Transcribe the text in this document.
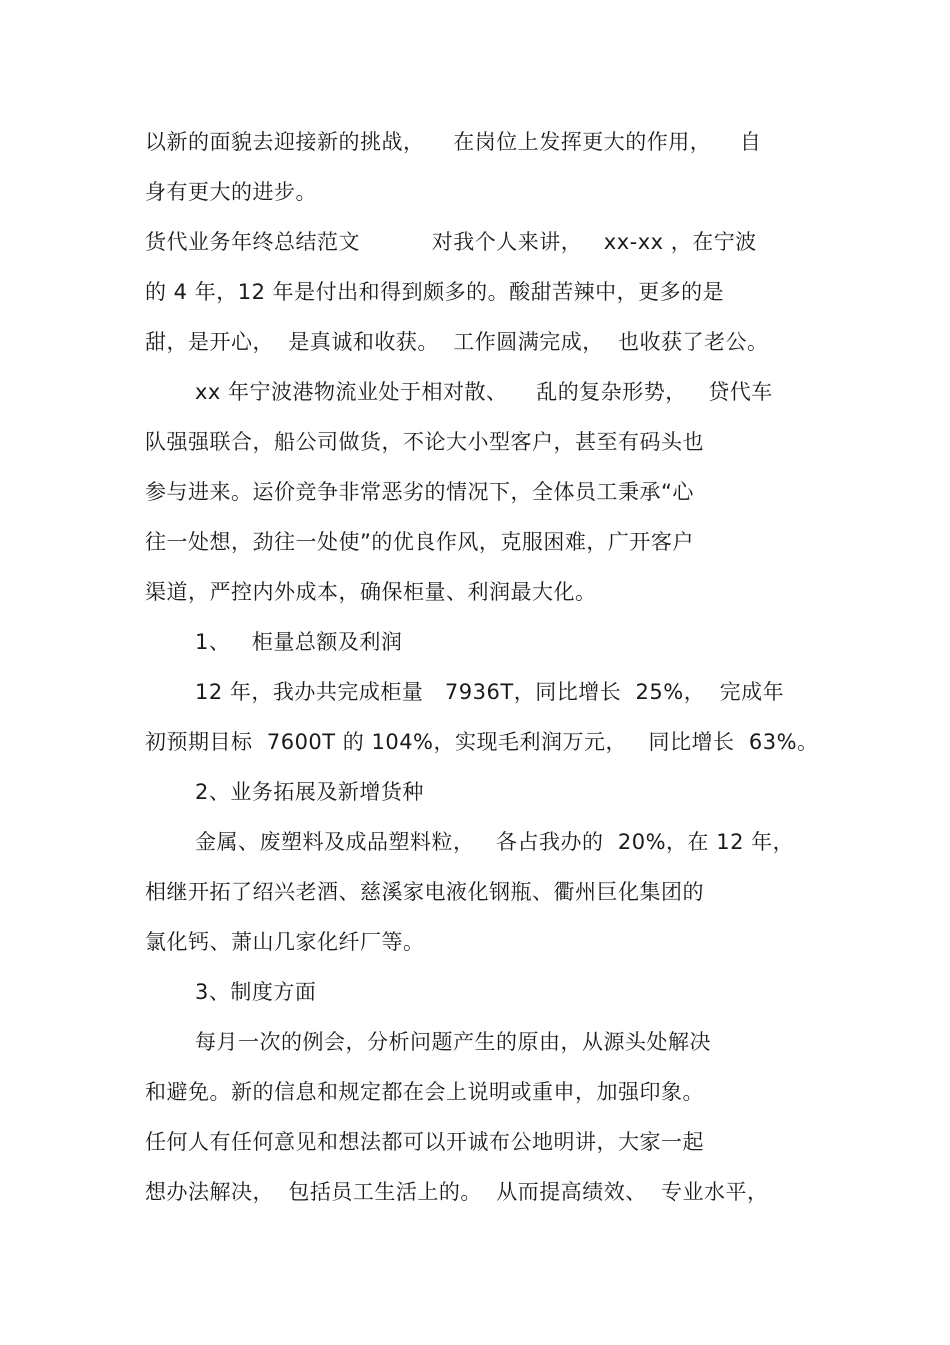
以新的面貌去迎接新的挑战，    在岗位上发挥更大的作用，    自
身有更大的进步。
货代业务年终总结范文          对我个人来讲，   xx-xx ，在宁波
的 4 年，12 年是付出和得到颇多的。酸甜苦辣中，更多的是
甜，是开心，  是真诚和收获。  工作圆满完成，  也收获了老公。
xx 年宁波港物流业处于相对散、    乱的复杂形势，   贷代车
队强强联合，船公司做货，不论大小型客户，甚至有码头也
参与进来。运价竞争非常恶劣的情况下，全体员工秉承“心
往一处想，劲往一处使”的优良作风，克服困难，广开客户
渠道，严控内外成本，确保柜量、利润最大化。
1、   柜量总额及利润
12 年，我办共完成柜量   7936T，同比增长  25%，  完成年
初预期目标  7600T 的 104%，实现毛利润万元，   同比增长  63%。
2、业务拓展及新增货种
金属、废塑料及成品塑料粒，   各占我办的  20%，在 12 年，
相继开拓了绍兴老酒、慈溪家电液化钢瓶、衢州巨化集团的
氯化钙、萧山几家化纤厂等。
3、制度方面
每月一次的例会，分析问题产生的原由，从源头处解决
和避免。新的信息和规定都在会上说明或重申，加强印象。
任何人有任何意见和想法都可以开诚布公地明讲，大家一起
想办法解决，  包括员工生活上的。  从而提高绩效、  专业水平，
